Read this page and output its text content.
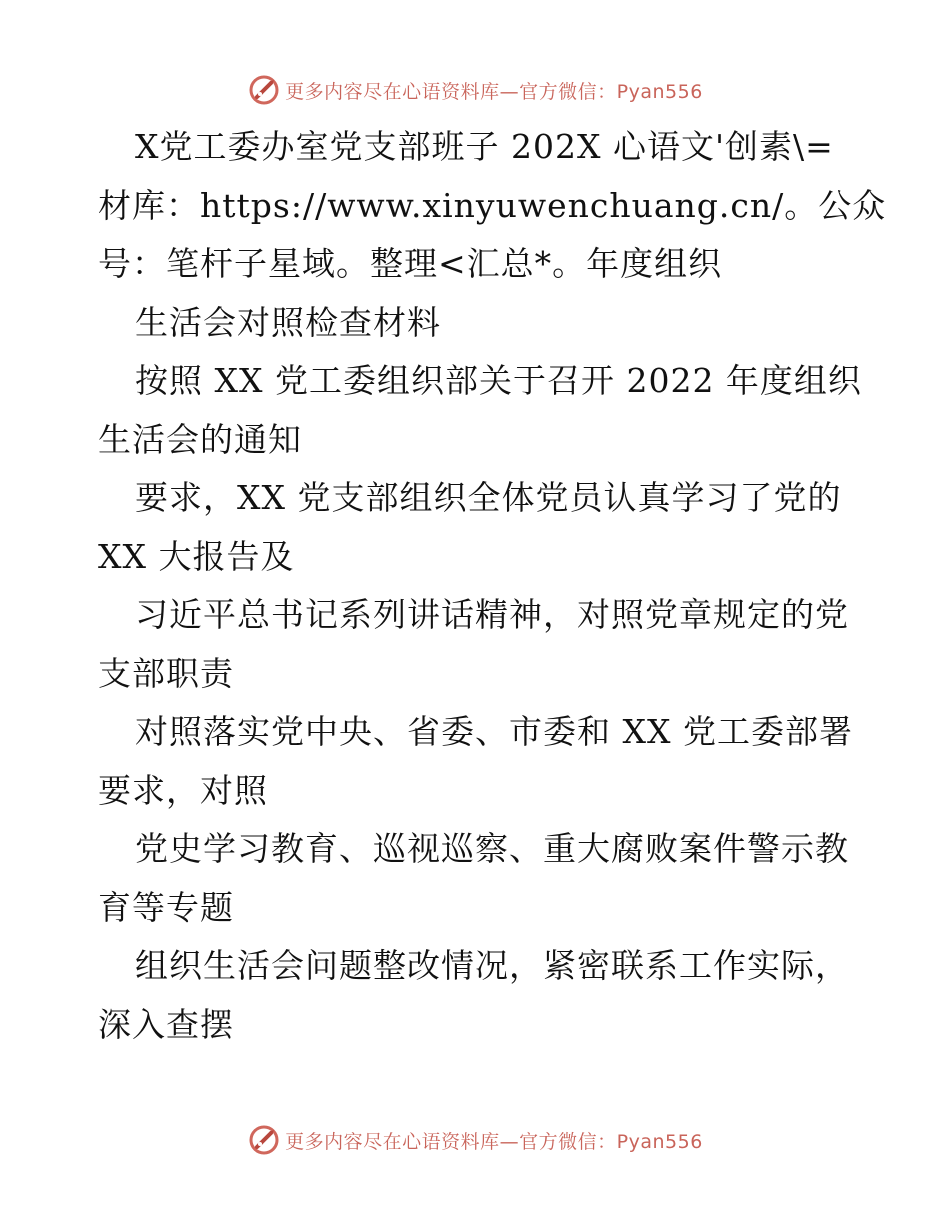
更多内容尽在心语资料库—官方微信：Pyan556
X党工委办室党支部班子 202X 心语文'创素\=
材库：https://www.xinyuwenchuang.cn/。公众
号：笔杆子星域。整理<汇总*。年度组织
生活会对照检查材料
按照 XX 党工委组织部关于召开 2022 年度组织
生活会的通知
要求，XX 党支部组织全体党员认真学习了党的
XX 大报告及
习近平总书记系列讲话精神，对照党章规定的党
支部职责
对照落实党中央、省委、市委和 XX 党工委部署
要求，对照
党史学习教育、巡视巡察、重大腐败案件警示教
育等专题
组织生活会问题整改情况，紧密联系工作实际，
深入查摆
更多内容尽在心语资料库—官方微信：Pyan556
